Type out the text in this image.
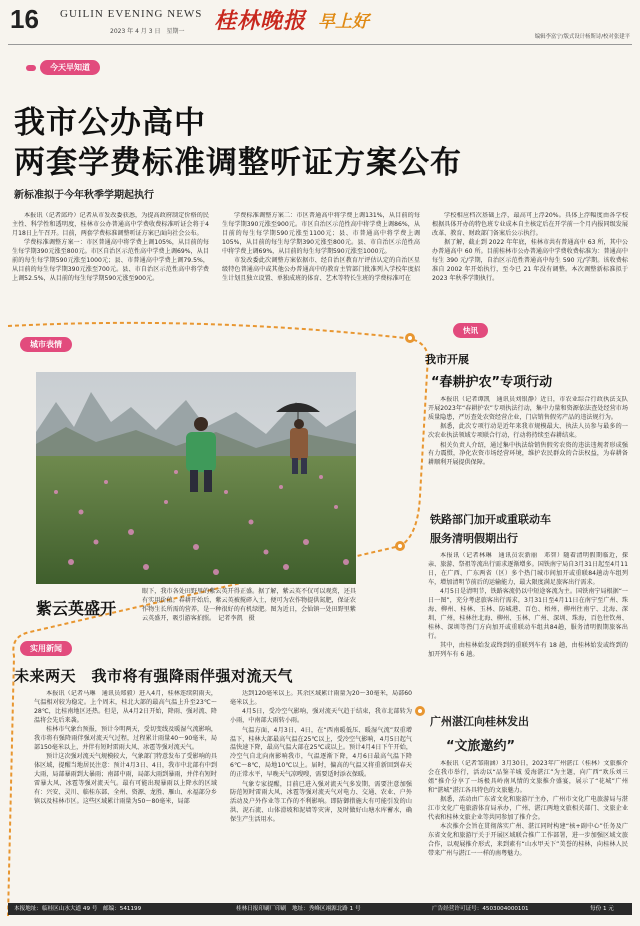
16 GUILIN EVENING NEWS
2023 年 4 月 3 日　星期一 桂林晚报 早上好
编辑李富宁/版式设计杨斯诗/校对张建平
今天早知道
我市公办高中
两套学费标准调整听证方案公布
新标准拟于今年秋季学期起执行

本报讯（记者邱玲）记者从市发改委获悉，为提高政府制定价格的民主性、科学性和透明度，桂林市公办普通高中学费收费标准听证会将于4月18日上午召开。目前，两套学费标准调整听证方案已面向社会公布。

学费标准调整方案一：市区普通高中将学费上调105%，从目前的每生每学期390元涨至800元。市区自治区示范性高中学费上调69%，从目前的每生每学期590元涨至1000元；县、市普通高中学费上调79.5%，从目前的每生每学期390元涨至700元。县、市自治区示范性高中将学费上调52.5%，从目前的每生每学期590元涨至900元。

学费标准调整方案二：市区普通高中将学费上调131%，从目前的每生每学期390元涨至900元。市区自治区示范性高中将学费上调86%，从目前的每生每学期590元涨至1100元；县、市普通高中将学费上调105%，从目前的每生每学期390元涨至800元。县、市自治区示范性高中将学费上调69%，从目前的每生每学期590元涨至1000元。

市发改委此次调整方案依据市、经自治区教育厅评估认定的自治区星级特色普通高中或其他公办普通高中的教育主管部门批准列入学校年度招生计划且独立设置、单独成班的体育、艺术等特长生班的学费标准可在

学校相应档次基础上浮，最高可上浮20%。具体上浮幅度由各学校根据具体开办的特色班专业成本自主核定后在开学前一个月内报同级发展改革、教育、财政部门备案后公示执行。

据了解，截止到 2022 年年底，桂林市共有普通高中 63 所，其中公办普通高中 60 所。目前桂林市公办普通高中学费收费标准为：普通高中每生 390 元/学期，自治区示范性普通高中每生 590 元/学期。该收费标准自 2002 年开始执行，至今已 21 年没有调整。本次调整新标准拟于 2023 年秋季学期执行。

城市表情
紫云英盛开
眼下，我市各处田野里的紫云英开得正盛。据了解，紫云英不仅可以观赏，还具有实用价值。春耕开始后，紫云英被搅碎入土，便可为农作物提供氮肥，保证农作物生长所需的营养，是一种很好的有机绿肥。图为近日，会仙镇一处田野里紫云英盛开，吸引游客拍照。　记者李凯　摄
快讯
我市开展
“春耕护农”专项行动

本报讯（记者谭凯　通讯员刘银静）近日，市农业综合行政执法支队开展2023年“春耕护农”专项执法行动，集中力量和资源依法查处经营市场质量隐患，严厉查处农资经营企业，门店销售假劣产品的违法规行为。

据悉，此次专项行动是近年来我市规模最大、执法人员参与最多的一次农业执法领域专项联合行动，行动将持续至春耕结束。

相关负责人介绍，通过集中执法给销售假劣农资的违法违规者形成强有力震慑，净化农资市场经营环境，维护农民群众的合法权益，为春耕备耕顺利开展提供保障。

铁路部门加开或重联动车
服务清明假期出行

本报讯（记者林琳　通讯员农新丽　邓智）随着清明假期临近，探亲、旅游、祭祖等流出行需求逐渐增多。国铁南宁局自3月31日起至4月11日，在广西、广东两省（区）多个热门城市间加开或重联84趟动车组列车，增加清明节前后的运输能力，最大限度满足旅客出行需求。

4月5日是清明节，铁路客流仍以中短途客流为主。国铁南宁局根据“一日一图”，充分考虑旅客出行需求，3月31日至4月11日在南宁至广州、珠海、柳州、桂林、玉林、防城港、百色、梧州，柳州往南宁、北海、深圳、广州，桂林往北海、柳州、玉林、广州、深圳、珠海，百色往钦州、桂林、深圳等热门方向加开或重联动车组共84趟，服务清明假期旅客出行。

其中，由桂林始发或终到的重联列车有 18 趟，由桂林始发或终到的加开列车有 6 趟。

广州湛江向桂林发出
“文旅邀约”

本报讯（记者邹雨涵）3月30日，2023年广州湛江（桂林）文旅推介会在我市举行，活动以“品鉴羊城 爱海湛江”为主题，向广西“欢乐刘三姐”推介分享了一场极具岭南风情的文旅推介盛宴，展示了“花城”广州和“湛城”湛江各具特色的文旅魅力。

据悉，活动由广东省文化和旅游厅主办，广州市文化广电旅游局与湛江市文化广电旅游体育局承办，广州、湛江两地文旅相关部门、文旅企业代表和桂林文旅企业等共同参加了推介会。

本次推介会旨在贯彻落实广州、湛江同时构建“核+副中心”任务及广东省文化和旅游厅关于开展区域联合推广工作部署，进一步加强区域文旅合作，以观展推介形式，来到素有“山水甲天下”美誉的桂林，向桂林人民带来广州与湛江一一样的南粤魅力。

实用新闻
未来两天　我市将有强降雨伴强对流天气

本报讯（记者马琳　通讯员郑毅）进入4月，桂林连续阴雨天，气温相对较为稳定。上个周末，桂北大部的最高气温上升至23℃～28℃，比桂南地区还热。但是，从4月2日开始，降雨、强对流、降温将会先后来袭。

桂林市气象台预报，预计今明两天，受切变线及暖湿气流影响，我市将有强降雨伴强对流天气过程，过程累计雨量40～90毫米，局部150毫米以上，并伴有短时雷雨大风、冰雹等强对流天气。

预计这次强对流天气规模较大，气象部门特意发布了受影响的具体区域，提醒当地居民注意：预计4月3日、4日，我市中北部有中到大雨，局部暴雨到大暴雨；南部中雨，局部大雨到暴雨，并伴有短时雷暴大风、冰雹等强对流天气。最有可能出现暴雨以上降水的区域有：兴安、灵川、临桂东部、全州、资源、龙胜、雁山、永福部分乡镇以及桂林市区。这些区域累计雨量为50～80毫米，局部

达到120毫米以上。其余区域累计雨量为20～30毫米，局部60毫米以上。

4月5日，受冷空气影响，强对流天气趋于结束，我市北部转为小雨，中南部大雨转小雨。

气温方面，4月3日、4日，在“西南暖低压、暖湿气流”双重增温下，桂林大部最高气温在25℃以上，受冷空气影响，4月5日起气温快速下降，最高气温大部在25℃或以上。预计4月4日下午开始，冷空气自北向南影响我市，气温逐渐下降，4月6日最高气温下降6℃～8℃，局地10℃以上。届时，偏高的气温又将重新回到春天的正常水平，早晚天气凉嗖嗖，需要适时添衣保暖。

气象专家提醒，目前已进入强对流天气多发期，需要注意加强防范短时雷雨大风、冰雹等强对流天气对电力、交通、农业、户外活动及户外作业等工作的不利影响。即防御措施大有可能引发的山洪、泥石流、山体滑坡和泥墙等灾害，及时做好山塘水库蓄水，确保生产生活用水。

本报地址：临桂区山水大道 49 号　邮编：541199	桂林日报印刷厂印刷　地址：秀峰区翊源北路 1 号	广告经营许可证号：4503004000101	每份 1 元
